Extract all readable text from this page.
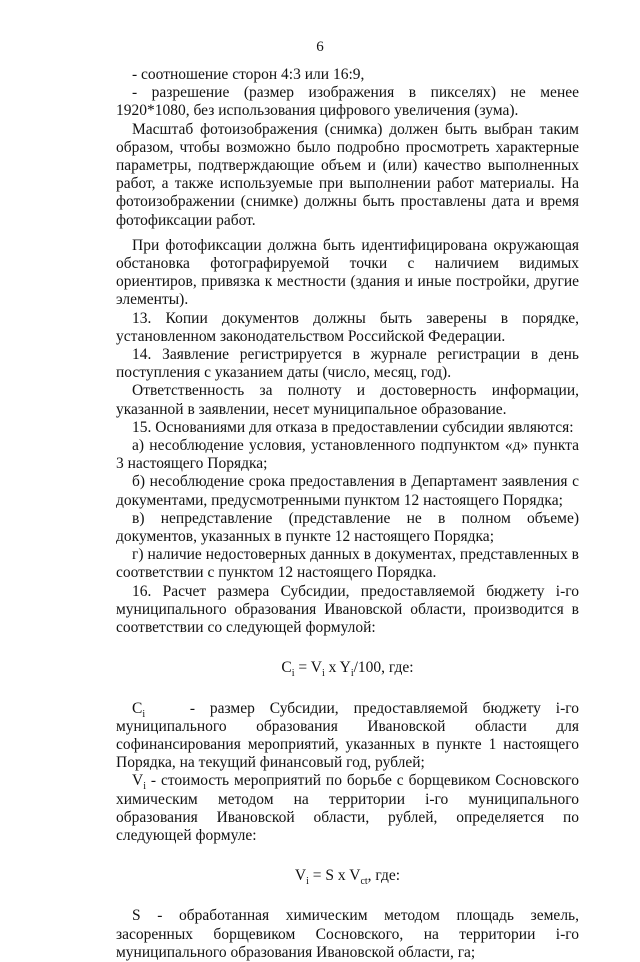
6

- соотношение сторон 4:3 или 16:9,

- разрешение (размер изображения в пикселях) не менее 1920*1080, без использования цифрового увеличения (зума).

Масштаб фотоизображения (снимка) должен быть выбран таким образом, чтобы возможно было подробно просмотреть характерные параметры, подтверждающие объем и (или) качество выполненных работ, а также используемые при выполнении работ материалы. На фотоизображении (снимке) должны быть проставлены дата и время фотофиксации работ.

При фотофиксации должна быть идентифицирована окружающая обстановка фотографируемой точки с наличием видимых ориентиров, привязка к местности (здания и иные постройки, другие элементы).

13. Копии документов должны быть заверены в порядке, установленном законодательством Российской Федерации.

14. Заявление регистрируется в журнале регистрации в день поступления с указанием даты (число, месяц, год).

Ответственность за полноту и достоверность информации, указанной в заявлении, несет муниципальное образование.

15. Основаниями для отказа в предоставлении субсидии являются:

а) несоблюдение условия, установленного подпунктом «д» пункта 3 настоящего Порядка;

б) несоблюдение срока предоставления в Департамент заявления с документами, предусмотренными пунктом 12 настоящего Порядка;

в) непредставление (представление не в полном объеме) документов, указанных в пункте 12 настоящего Порядка;

г) наличие недостоверных данных в документах, представленных в соответствии с пунктом 12 настоящего Порядка.

16. Расчет размера Субсидии, предоставляемой бюджету i-го муниципального образования Ивановской области, производится в соответствии со следующей формулой:

$C_i = V_i$ x $Y_i/100$, где:

$C_i$	- размер Субсидии, предоставляемой бюджету i-го муниципального образования Ивановской области для софинансирования мероприятий, указанных в пункте 1 настоящего Порядка, на текущий финансовый год, рублей;

$V_i$ - стоимость мероприятий по борьбе с борщевиком Сосновского химическим методом на территории i-го муниципального образования Ивановской области, рублей, определяется по следующей формуле:

$V_i = S$ x $V_{ct}$, где:

S - обработанная химическим методом площадь земель, засоренных борщевиком Сосновского, на территории i-го муниципального образования Ивановской области, га;
